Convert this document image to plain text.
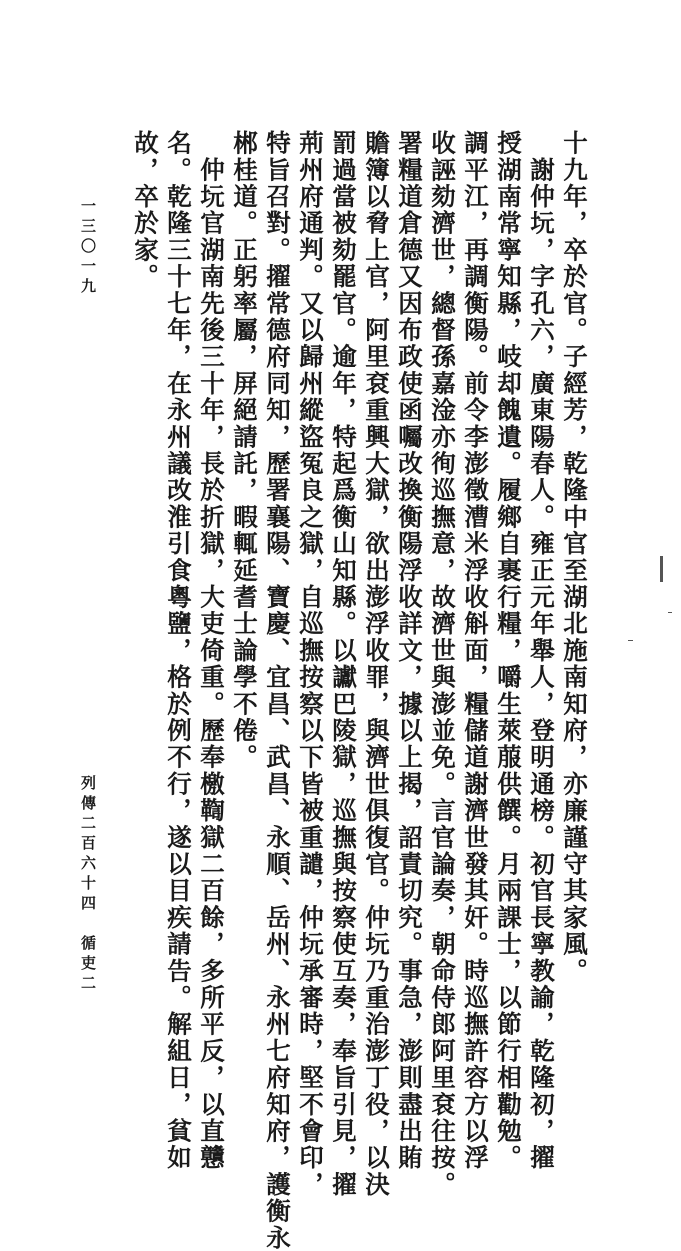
十九年，卒於官。子經芳，乾隆中官至湖北施南知府，亦廉謹守其家風。
　謝仲坃，字孔六，廣東陽春人。雍正元年舉人，登明通榜。初官長寧教諭，乾隆初，擢
授湖南常寧知縣，岐却餽遺。履鄉自裹行糧，嚼生萊菔供饌。月兩課士，以節行相勸勉。
調平江，再調衡陽。前令李澎徵漕米浮收斛面，糧儲道謝濟世發其奸。時巡撫許容方以浮
收誣劾濟世，總督孫嘉淦亦徇巡撫意，故濟世與澎並免。言官論奏，朝命侍郎阿里袞往按。
署糧道倉德又因布政使函囑改換衡陽浮收詳文，據以上揭，詔責切究。事急，澎則盡出賄
贍簿以脅上官，阿里袞重興大獄，欲出澎浮收罪，與濟世俱復官。仲坃乃重治澎丁役，以決
罰過當被劾罷官。逾年，特起爲衡山知縣。以讞巴陵獄，巡撫與按察使互奏，奉旨引見，擢
荊州府通判。又以歸州縱盜冤良之獄，自巡撫按察以下皆被重譴，仲坃承審時，堅不會印，
特旨召對。擢常德府同知，歷署襄陽、寶慶、宜昌、武昌、永順、岳州、永州七府知府，護衡永
郴桂道。正躬率屬，屏絕請託，暇輒延耆士論學不倦。
　仲坃官湖南先後三十年，長於折獄，大吏倚重。歷奉檄鞫獄二百餘，多所平反，以直戇
名。乾隆三十七年，在永州議改淮引食粵鹽，格於例不行，遂以目疾請告。解組日，貧如
故，卒於家。
列傳二百六十四　循吏二
一三〇一九
